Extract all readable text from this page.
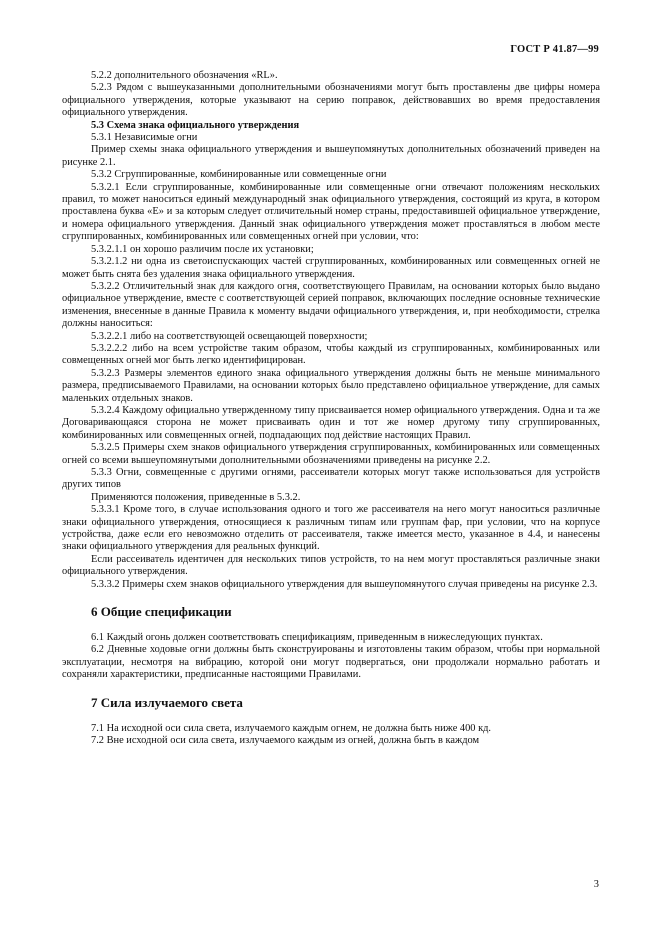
ГОСТ Р 41.87—99

5.2.2 дополнительного обозначения «RL».

5.2.3 Рядом с вышеуказанными дополнительными обозначениями могут быть проставлены две цифры номера официального утверждения, которые указывают на серию поправок, действовавших во время предоставления официального утверждения.

5.3 Схема знака официального утверждения

5.3.1 Независимые огни

Пример схемы знака официального утверждения и вышеупомянутых дополнительных обозначений приведен на рисунке 2.1.

5.3.2 Сгруппированные, комбинированные или совмещенные огни

5.3.2.1 Если сгруппированные, комбинированные или совмещенные огни отвечают положениям нескольких правил, то может наноситься единый международный знак официального утверждения, состоящий из круга, в котором проставлена буква «Е» и за которым следует отличительный номер страны, предоставившей официальное утверждение, и номера официального утверждения. Данный знак официального утверждения может проставляться в любом месте сгруппированных, комбинированных или совмещенных огней при условии, что:

5.3.2.1.1 он хорошо различим после их установки;

5.3.2.1.2 ни одна из светоиспускающих частей сгруппированных, комбинированных или совмещенных огней не может быть снята без удаления знака официального утверждения.

5.3.2.2 Отличительный знак для каждого огня, соответствующего Правилам, на основании которых было выдано официальное утверждение, вместе с соответствующей серией поправок, включающих последние основные технические изменения, внесенные в данные Правила к моменту выдачи официального утверждения, и, при необходимости, стрелка должны наноситься:

5.3.2.2.1 либо на соответствующей освещающей поверхности;

5.3.2.2.2 либо на всем устройстве таким образом, чтобы каждый из сгруппированных, комбинированных или совмещенных огней мог быть легко идентифицирован.

5.3.2.3 Размеры элементов единого знака официального утверждения должны быть не меньше минимального размера, предписываемого Правилами, на основании которых было представлено официальное утверждение, для самых маленьких отдельных знаков.

5.3.2.4 Каждому официально утвержденному типу присваивается номер официального утверждения. Одна и та же Договаривающаяся сторона не может присваивать один и тот же номер другому типу сгруппированных, комбинированных или совмещенных огней, подпадающих под действие настоящих Правил.

5.3.2.5 Примеры схем знаков официального утверждения сгруппированных, комбинированных или совмещенных огней со всеми вышеупомянутыми дополнительными обозначениями приведены на рисунке 2.2.

5.3.3 Огни, совмещенные с другими огнями, рассеиватели которых могут также использоваться для устройств других типов

Применяются положения, приведенные в 5.3.2.

5.3.3.1 Кроме того, в случае использования одного и того же рассеивателя на него могут наноситься различные знаки официального утверждения, относящиеся к различным типам или группам фар, при условии, что на корпусе устройства, даже если его невозможно отделить от рассеивателя, также имеется место, указанное в 4.4, и нанесены знаки официального утверждения для реальных функций.

Если рассеиватель идентичен для нескольких типов устройств, то на нем могут проставляться различные знаки официального утверждения.

5.3.3.2 Примеры схем знаков официального утверждения для вышеупомянутого случая приведены на рисунке 2.3.

6 Общие спецификации

6.1 Каждый огонь должен соответствовать спецификациям, приведенным в нижеследующих пунктах.

6.2 Дневные ходовые огни должны быть сконструированы и изготовлены таким образом, чтобы при нормальной эксплуатации, несмотря на вибрацию, которой они могут подвергаться, они продолжали нормально работать и сохраняли характеристики, предписанные настоящими Правилами.

7 Сила излучаемого света

7.1 На исходной оси сила света, излучаемого каждым огнем, не должна быть ниже 400 кд.

7.2 Вне исходной оси сила света, излучаемого каждым из огней, должна быть в каждом

3
